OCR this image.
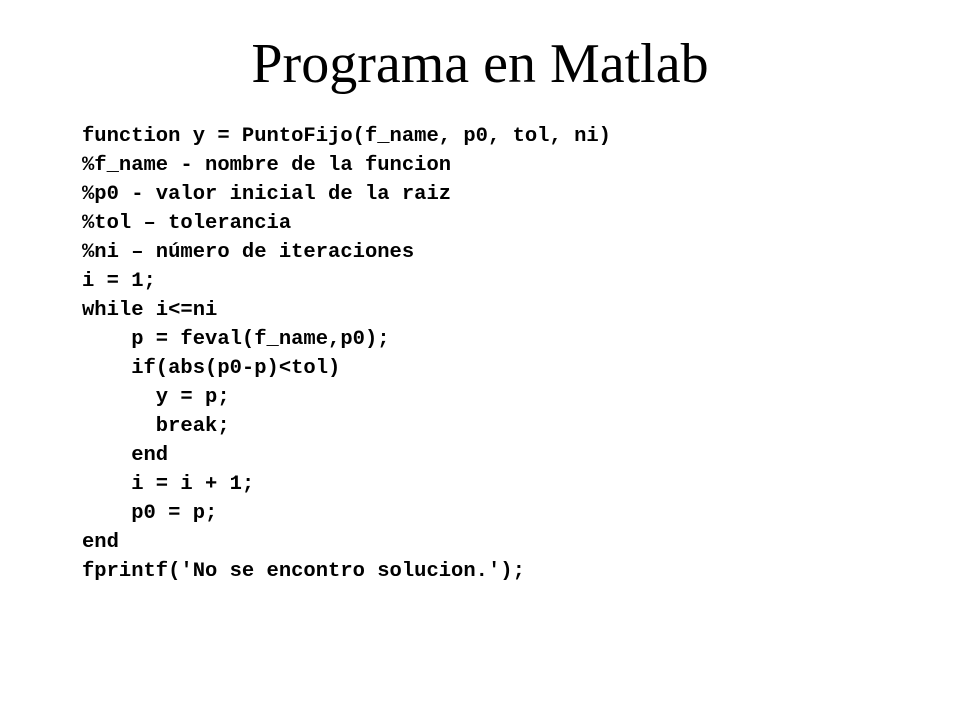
Programa en Matlab
function y = PuntoFijo(f_name, p0, tol, ni)
%f_name - nombre de la funcion
%p0 - valor inicial de la raiz
%tol – tolerancia
%ni – número de iteraciones
i = 1;
while i<=ni
p = feval(f_name,p0);
if(abs(p0-p)<tol)
y = p;
break;
end
i = i + 1;
p0 = p;
end
fprintf('No se encontro solucion.');
